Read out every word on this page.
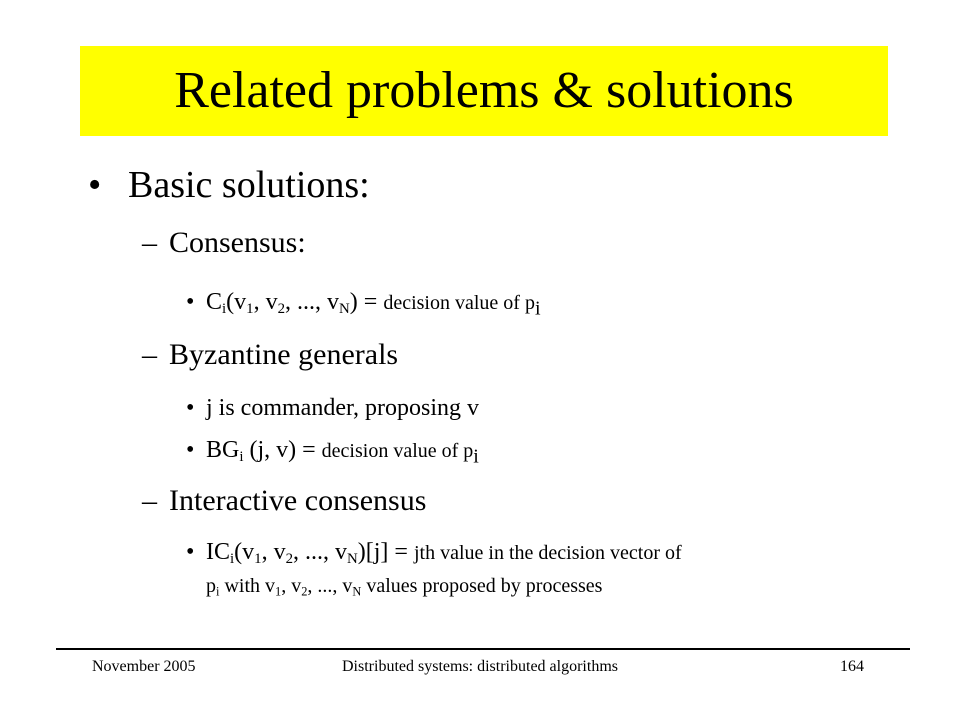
Related problems & solutions
• Basic solutions:
– Consensus:
• $C_i(v_1$, $v_2$, ..., $v_N$) = decision value of $p_i$
– Byzantine generals
• j is commander, proposing v
• $BG_i$ (j, v) = decision value of $p_i$
– Interactive consensus
• $IC_i(v_1$, $v_2$, ..., $v_N)[j]$ = jth value in the decision vector of
$p_i$ with $v_1$, $v_2$, ..., $v_N$ values proposed by processes
November 2005	Distributed systems: distributed algorithms	164
